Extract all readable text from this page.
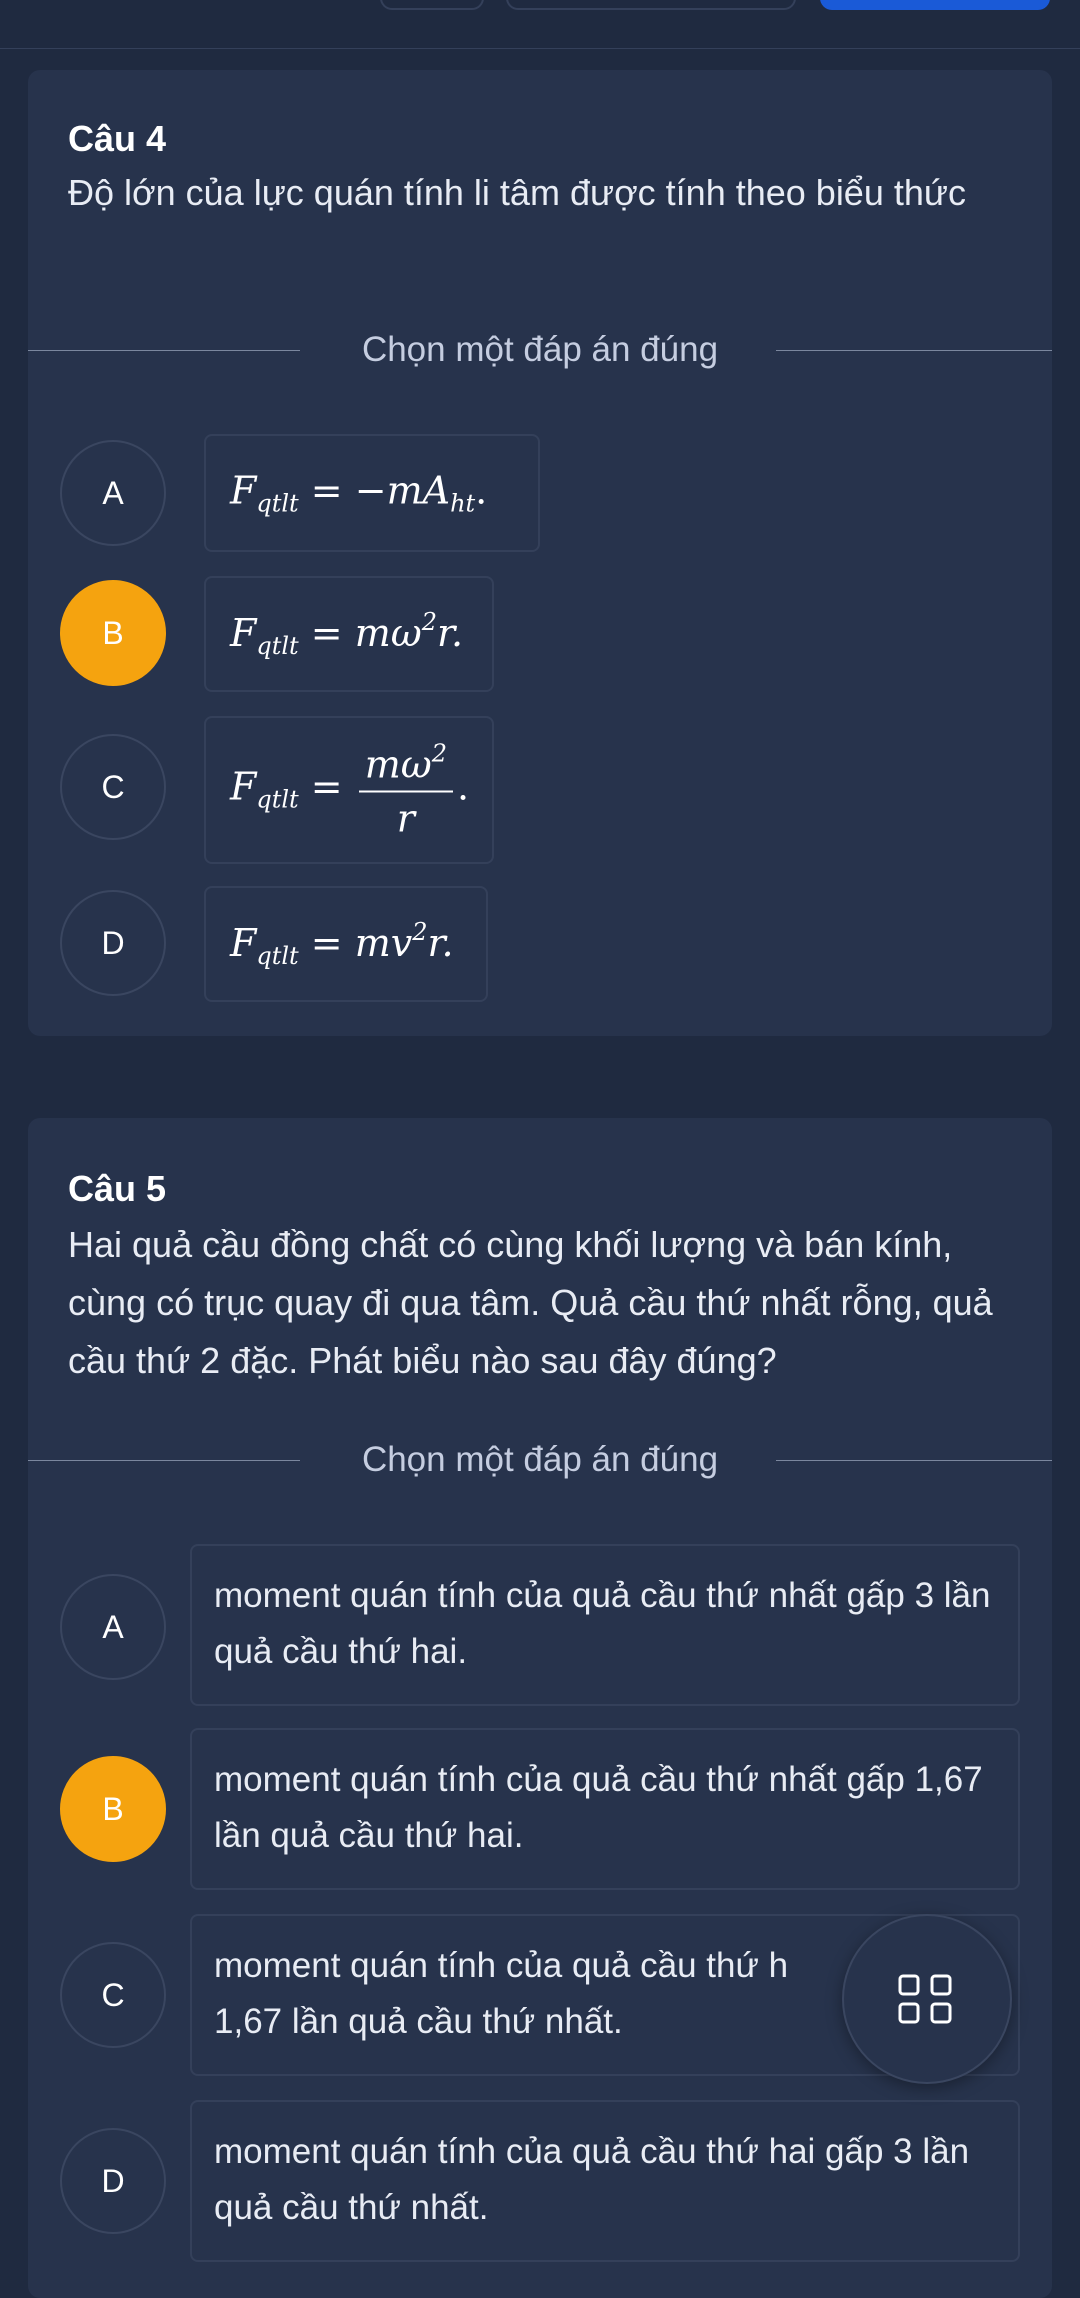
Câu 4
Độ lớn của lực quán tính li tâm được tính theo biểu thức
Chọn một đáp án đúng
A	$F_{qtlt} = -mA_{ht}$.
B	$F_{qtlt} = m\omega^2r$.
C	$F_{qtlt} = \frac{m\omega^2}{r}$ .
D	$F_{qtlt} = mv^2r$.
Câu 5
Hai quả cầu đồng chất có cùng khối lượng và bán kính, cùng có trục quay đi qua tâm. Quả cầu thứ nhất rỗng, quả cầu thứ 2 đặc. Phát biểu nào sau đây đúng?
Chọn một đáp án đúng
A
moment quán tính của quả cầu thứ nhất gấp 3 lần quả cầu thứ hai.
B
moment quán tính của quả cầu thứ nhất gấp 1,67 lần quả cầu thứ hai.
C
moment quán tính của quả cầu thứ h
1,67 lần quả cầu thứ nhất.
D
moment quán tính của quả cầu thứ hai gấp 3 lần quả cầu thứ nhất.
